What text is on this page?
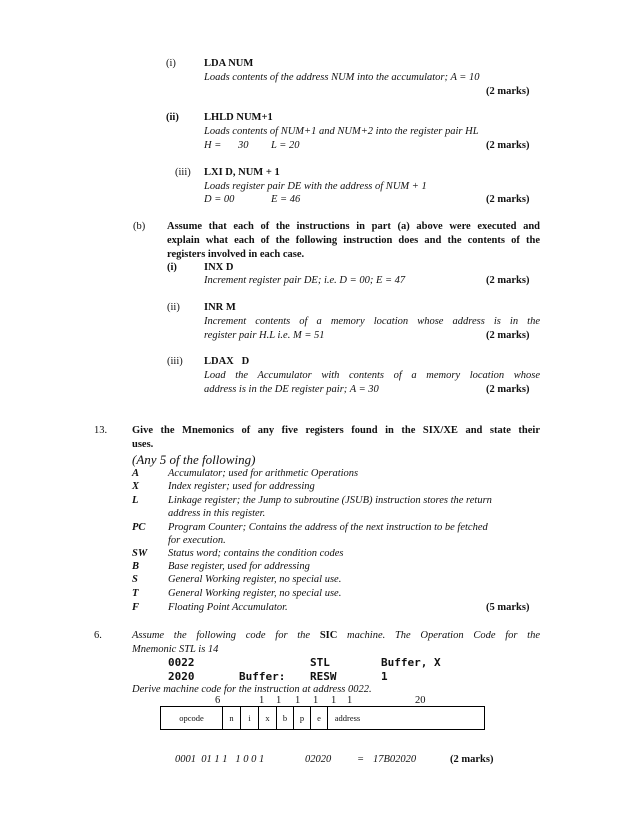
(i)	LDA NUM
Loads contents of the address NUM into the accumulator; A = 10
(2 marks)
(ii) LHLD NUM+1
Loads contents of NUM+1 and NUM+2 into the register pair HL
H = 30 L = 20	(2 marks)
(iii) LXI D, NUM + 1
Loads register pair DE with the address of NUM + 1
D = 00	E = 46	(2 marks)
(b) Assume that each of the instructions in part (a) above were executed and
explain what each of the following instruction does and the contents of the
registers involved in each case.
(i)	INX D
Increment register pair DE; i.e. D = 00; E = 47	(2 marks)
(ii) INR M
Increment contents of a memory location whose address is in the
register pair H.L i.e. M = 51	(2 marks)
(iii) LDAX   D
Load the Accumulator with contents of a memory location whose
address is in the DE register pair; A = 30	(2 marks)
13. Give the Mnemonics of any five registers found in the SIX/XE and state their
uses.
(Any 5 of the following)
A	Accumulator; used for arithmetic Operations
X	Index register; used for addressing
L	Linkage register; the Jump to subroutine (JSUB) instruction stores the return
address in this register.
PC Program Counter; Contains the address of the next instruction to be fetched
for execution.
SW Status word; contains the condition codes
B	Base register, used for addressing
S	General Working register, no special use.
T	General Working register, no special use.
F	Floating Point Accumulator.	(5 marks)
6.	Assume the following code for the SIC machine. The Operation Code for the
Mnemonic STL is 14
0022	STL	Buffer, X
2020	Buffer: RESW	1
Derive machine code for the instruction at address 0022.
6	1 1 1 1 1 1	20
opcode	n	i	x	b	p	e	address
0001  01 1 1   1 0 0 1	02020 = 17B02020	(2 marks)
